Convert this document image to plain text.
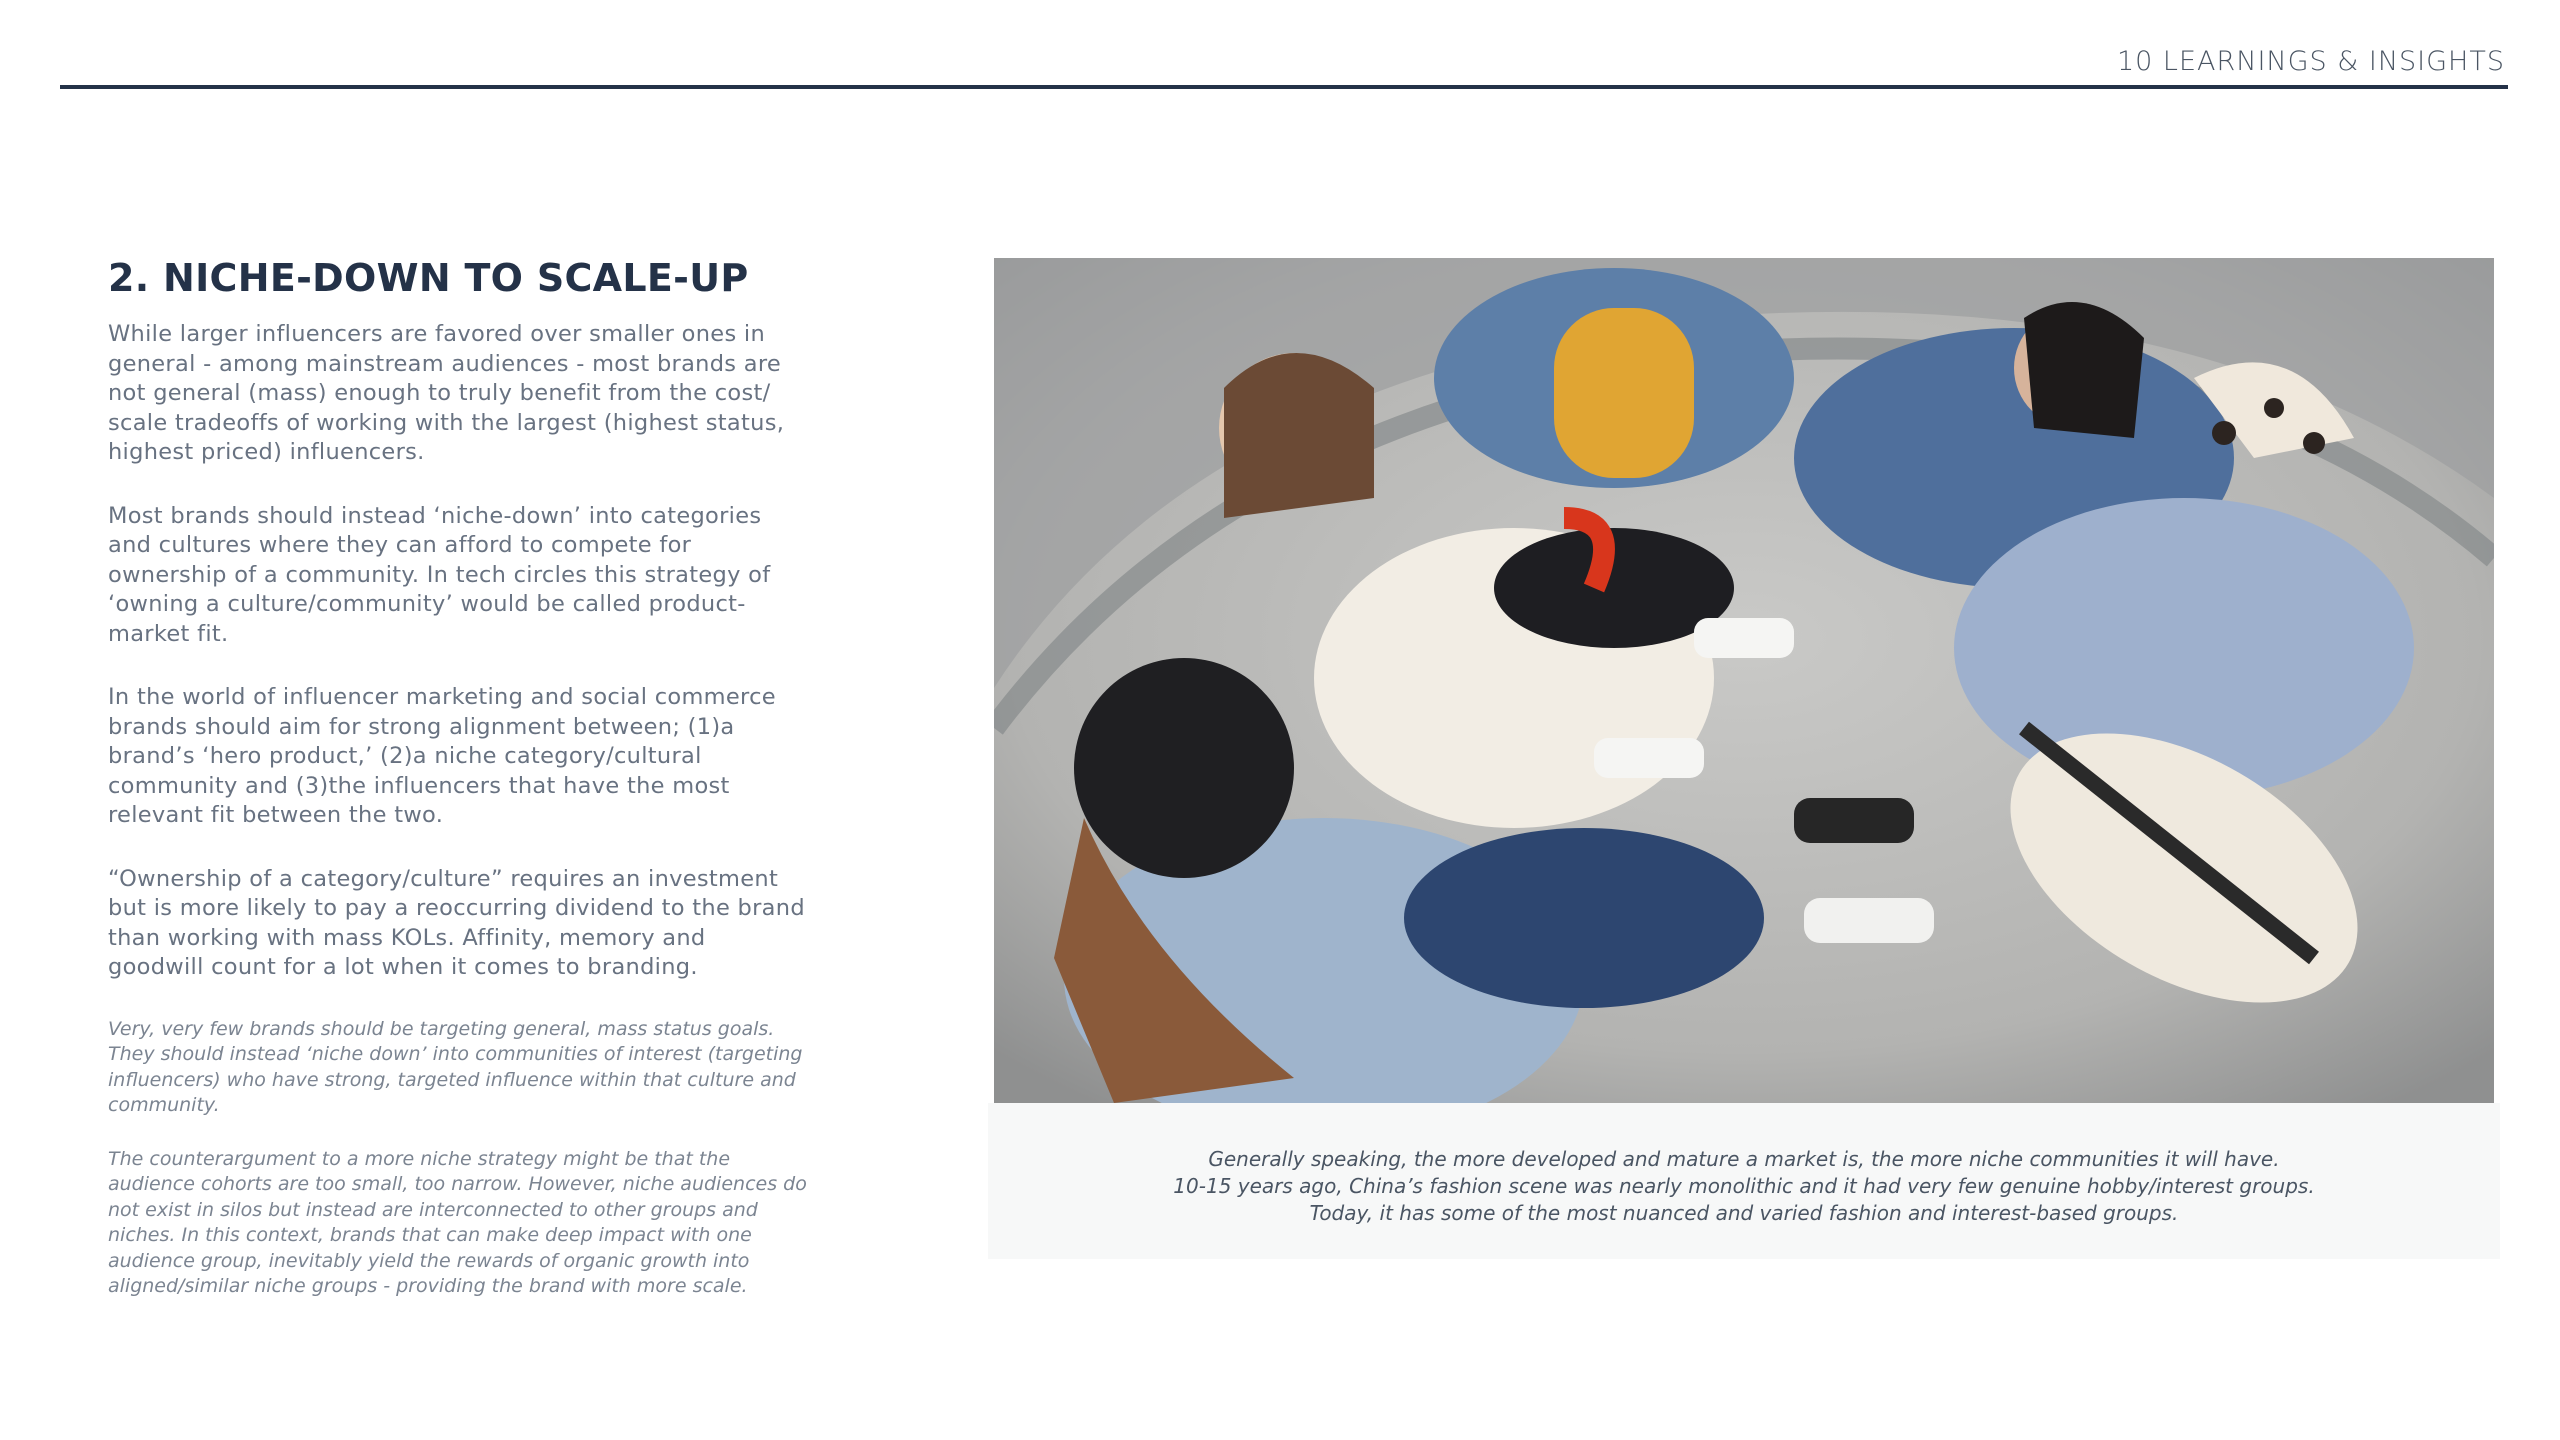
10 LEARNINGS & INSIGHTS
2. NICHE-DOWN TO SCALE-UP

While larger influencers are favored over smaller ones in general - among mainstream audiences - most brands are not general (mass) enough to truly benefit from the cost/ scale tradeoffs of working with the largest (highest status, highest priced) influencers.

Most brands should instead ‘niche-down’ into categories and cultures where they can afford to compete for ownership of a community. In tech circles this strategy of ‘owning a culture/community’ would be called product-market fit.

In the world of influencer marketing and social commerce brands should aim for strong alignment between; (1)a brand’s ‘hero product,’ (2)a niche category/cultural community and (3)the influencers that have the most relevant fit between the two.

“Ownership of a category/culture” requires an investment but is more likely to pay a reoccurring dividend to the brand than working with mass KOLs. Affinity, memory and goodwill count for a lot when it comes to branding.

Very, very few brands should be targeting general, mass status goals. They should instead ‘niche down’ into communities of interest (targeting influencers) who have strong, targeted influence within that culture and community.

The counterargument to a more niche strategy might be that the audience cohorts are too small, too narrow. However, niche audiences do not exist in silos but instead are interconnected to other groups and niches. In this context, brands that can make deep impact with one audience group, inevitably yield the rewards of organic growth into aligned/similar niche groups - providing the brand with more scale.

Generally speaking, the more developed and mature a market is, the more niche communities it will have.
10-15 years ago, China’s fashion scene was nearly monolithic and it had very few genuine hobby/interest groups.
Today, it has some of the most nuanced and varied fashion and interest-based groups.
